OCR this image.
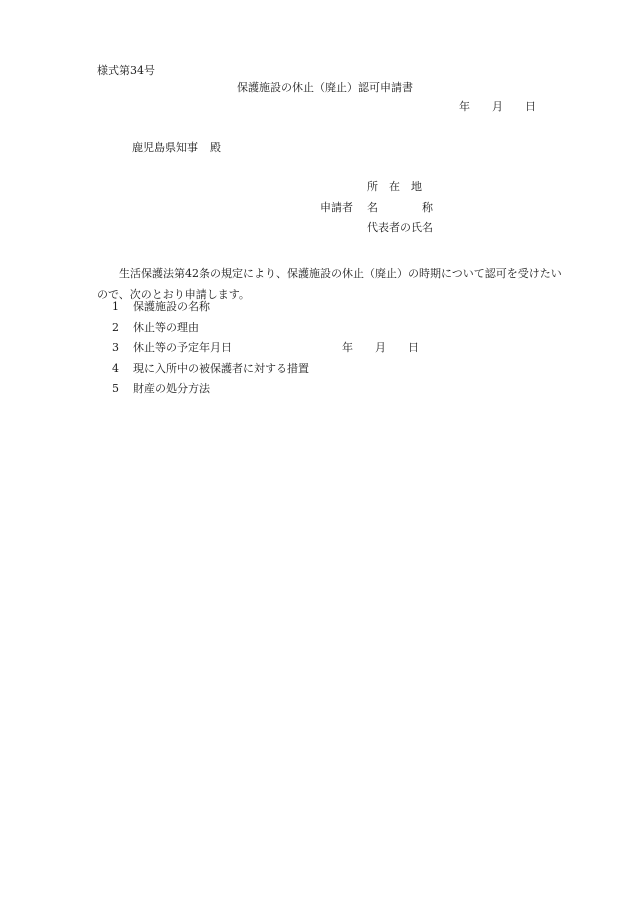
様式第34号
保護施設の休止（廃止）認可申請書
年 月 日
鹿児島県知事 殿
所　在　地
申請者 名　　　　称
代表者の氏名
生活保護法第42条の規定により、保護施設の休止（廃止）の時期について認可を受けたいので、次のとおり申請します。
1 保護施設の名称
2 休止等の理由
3 休止等の予定年月日	年 月 日
4 現に入所中の被保護者に対する措置
5 財産の処分方法
